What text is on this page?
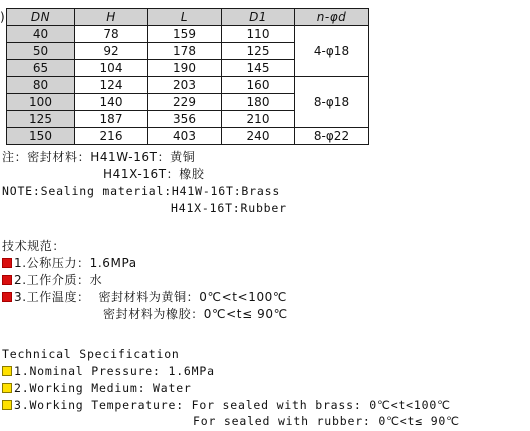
) DN	H	L	D1	n-φd
40	78	159	110	4-φ18
50	92	178	125	
65	104	190	145	
80	124	203	160	8-φ18
100	140	229	180	
125	187	356	210	
150	216	403	240	8-φ22
注：密封材料：H41W-16T：黄铜
H41X-16T：橡胶
NOTE:Sealing material:H41W-16T:Brass
H41X-16T:Rubber
技术规范：
1.公称压力：1.6MPa
2.工作介质：水
3.工作温度：  密封材料为黄铜：0℃<t<100℃
密封材料为橡胶：0℃<t≤ 90℃
Technical Specification
1.Nominal Pressure: 1.6MPa
2.Working Medium: Water
3.Working Temperature: For sealed with brass: 0℃<t<100℃
For sealed with rubber: 0℃<t≤ 90℃
